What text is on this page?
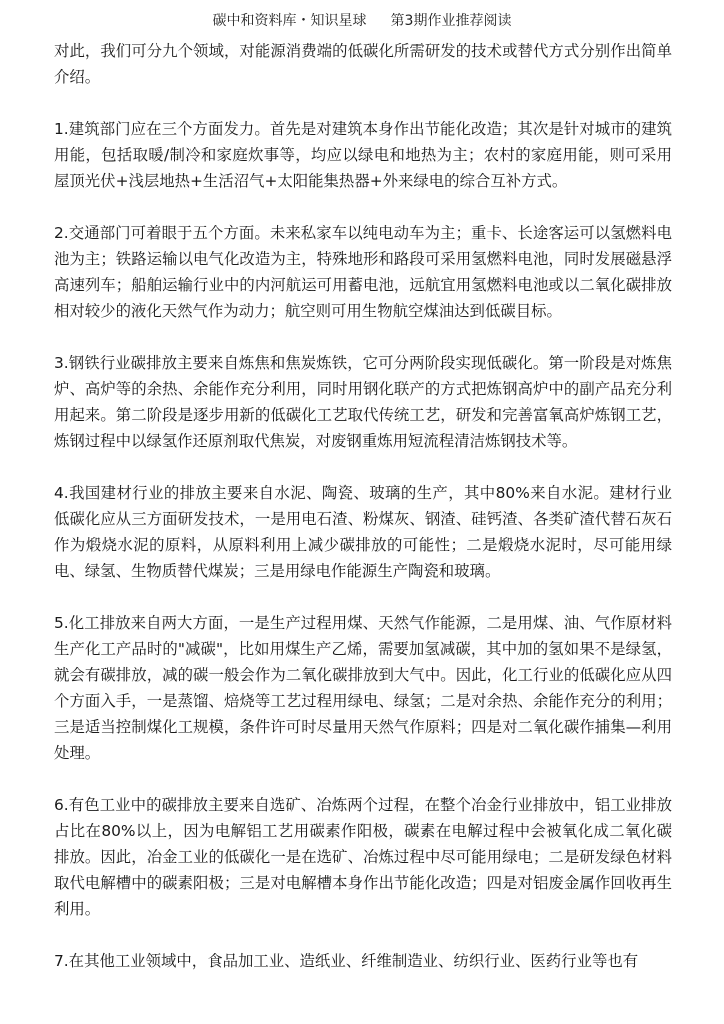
碳中和资料库・知识星球 第3期作业推荐阅读

对此，我们可分九个领域，对能源消费端的低碳化所需研发的技术或替代方式分别作出简单介绍。

1.建筑部门应在三个方面发力。首先是对建筑本身作出节能化改造；其次是针对城市的建筑用能，包括取暖/制冷和家庭炊事等，均应以绿电和地热为主；农村的家庭用能，则可采用屋顶光伏+浅层地热+生活沼气+太阳能集热器+外来绿电的综合互补方式。

2.交通部门可着眼于五个方面。未来私家车以纯电动车为主；重卡、长途客运可以氢燃料电池为主；铁路运输以电气化改造为主，特殊地形和路段可采用氢燃料电池，同时发展磁悬浮高速列车；船舶运输行业中的内河航运可用蓄电池，远航宜用氢燃料电池或以二氧化碳排放相对较少的液化天然气作为动力；航空则可用生物航空煤油达到低碳目标。

3.钢铁行业碳排放主要来自炼焦和焦炭炼铁，它可分两阶段实现低碳化。第一阶段是对炼焦炉、高炉等的余热、余能作充分利用，同时用钢化联产的方式把炼钢高炉中的副产品充分利用起来。第二阶段是逐步用新的低碳化工艺取代传统工艺，研发和完善富氧高炉炼钢工艺，炼钢过程中以绿氢作还原剂取代焦炭，对废钢重炼用短流程清洁炼钢技术等。

4.我国建材行业的排放主要来自水泥、陶瓷、玻璃的生产，其中80%来自水泥。建材行业低碳化应从三方面研发技术，一是用电石渣、粉煤灰、钢渣、硅钙渣、各类矿渣代替石灰石作为煅烧水泥的原料，从原料利用上减少碳排放的可能性；二是煅烧水泥时，尽可能用绿电、绿氢、生物质替代煤炭；三是用绿电作能源生产陶瓷和玻璃。

5.化工排放来自两大方面，一是生产过程用煤、天然气作能源，二是用煤、油、气作原材料生产化工产品时的"减碳"，比如用煤生产乙烯，需要加氢减碳，其中加的氢如果不是绿氢，就会有碳排放，减的碳一般会作为二氧化碳排放到大气中。因此，化工行业的低碳化应从四个方面入手，一是蒸馏、焙烧等工艺过程用绿电、绿氢；二是对余热、余能作充分的利用；三是适当控制煤化工规模，条件许可时尽量用天然气作原料；四是对二氧化碳作捕集—利用处理。

6.有色工业中的碳排放主要来自选矿、冶炼两个过程，在整个冶金行业排放中，铝工业排放占比在80%以上，因为电解铝工艺用碳素作阳极，碳素在电解过程中会被氧化成二氧化碳排放。因此，冶金工业的低碳化一是在选矿、冶炼过程中尽可能用绿电；二是研发绿色材料取代电解槽中的碳素阳极；三是对电解槽本身作出节能化改造；四是对铝废金属作回收再生利用。

7.在其他工业领域中，食品加工业、造纸业、纤维制造业、纺织行业、医药行业等也有
